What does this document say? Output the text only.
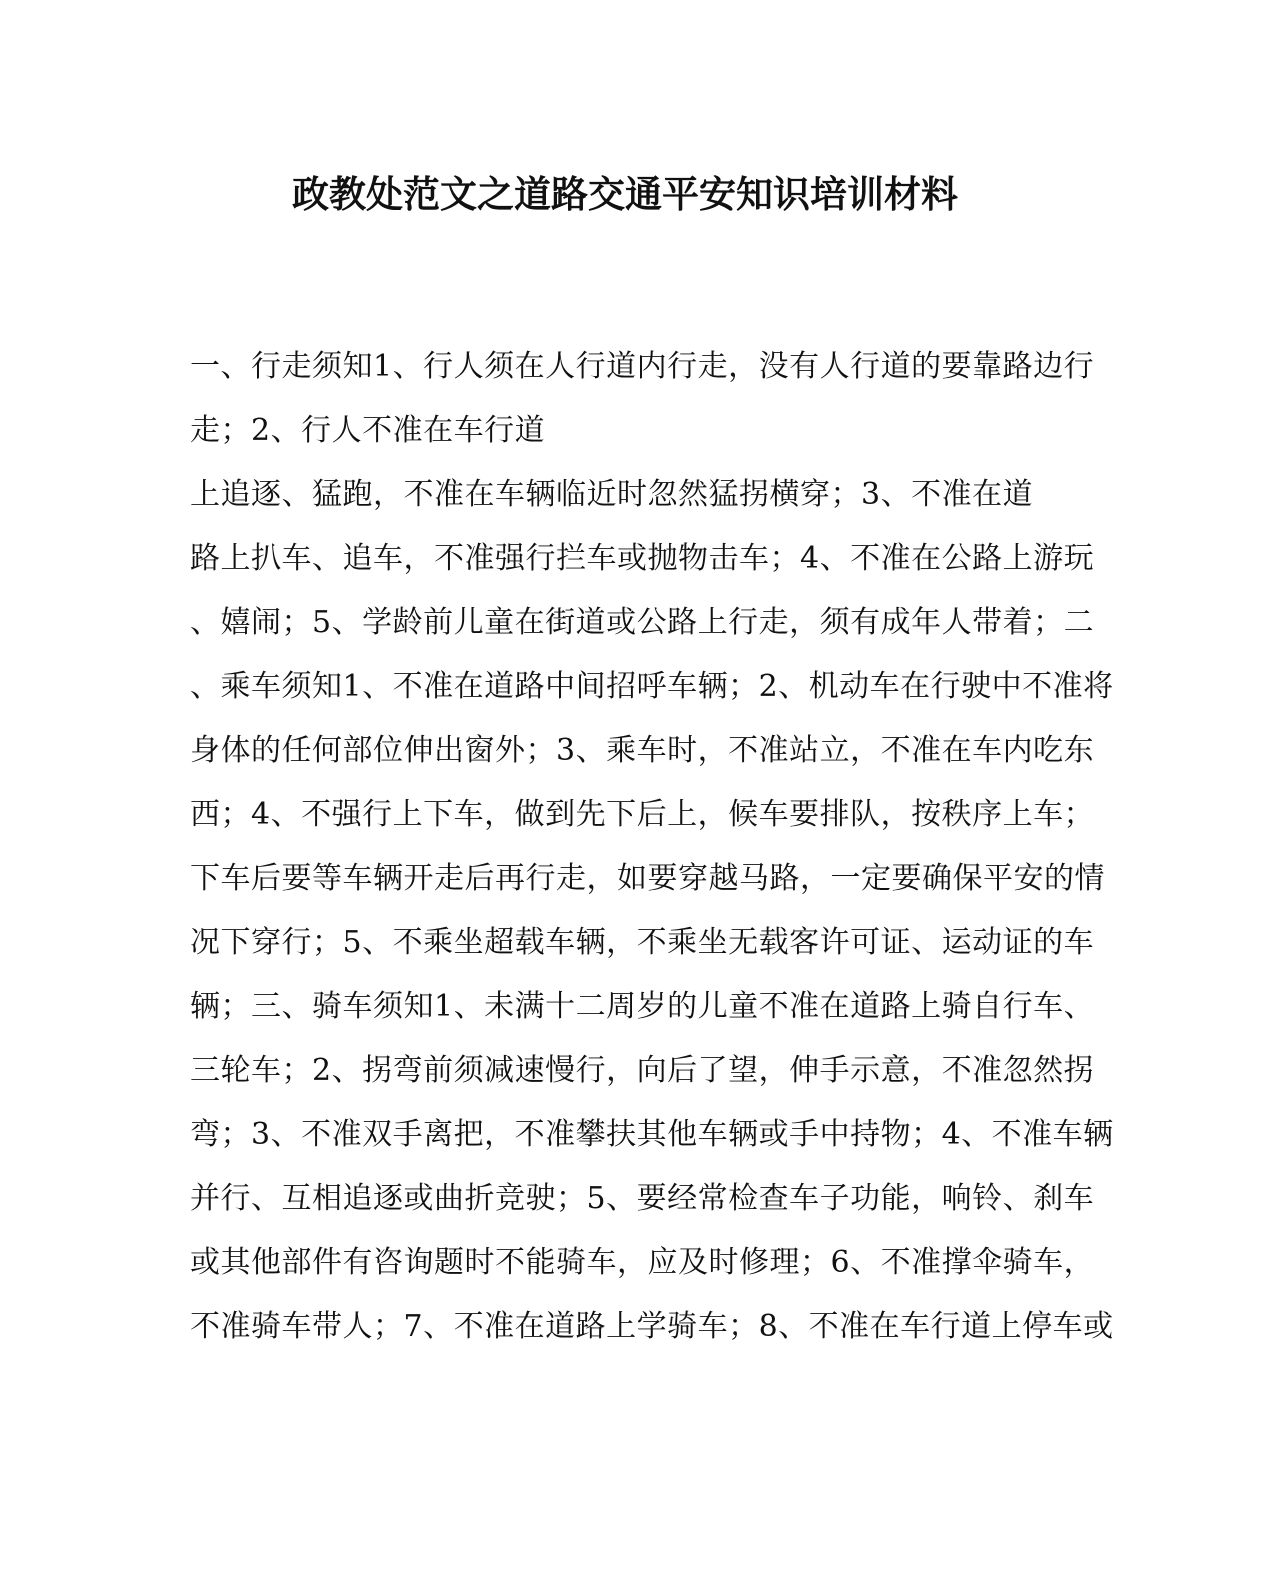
政教处范文之道路交通平安知识培训材料
一、行走须知1、行人须在人行道内行走，没有人行道的要靠路边行
走；2、行人不准在车行道
上追逐、猛跑，不准在车辆临近时忽然猛拐横穿；3、不准在道
路上扒车、追车，不准强行拦车或抛物击车；4、不准在公路上游玩
、嬉闹；5、学龄前儿童在街道或公路上行走，须有成年人带着；二
、乘车须知1、不准在道路中间招呼车辆；2、机动车在行驶中不准将
身体的任何部位伸出窗外；3、乘车时，不准站立，不准在车内吃东
西；4、不强行上下车，做到先下后上，候车要排队，按秩序上车；
下车后要等车辆开走后再行走，如要穿越马路，一定要确保平安的情
况下穿行；5、不乘坐超载车辆，不乘坐无载客许可证、运动证的车
辆；三、骑车须知1、未满十二周岁的儿童不准在道路上骑自行车、
三轮车；2、拐弯前须减速慢行，向后了望，伸手示意，不准忽然拐
弯；3、不准双手离把，不准攀扶其他车辆或手中持物；4、不准车辆
并行、互相追逐或曲折竞驶；5、要经常检查车子功能，响铃、刹车
或其他部件有咨询题时不能骑车，应及时修理；6、不准撑伞骑车，
不准骑车带人；7、不准在道路上学骑车；8、不准在车行道上停车或
